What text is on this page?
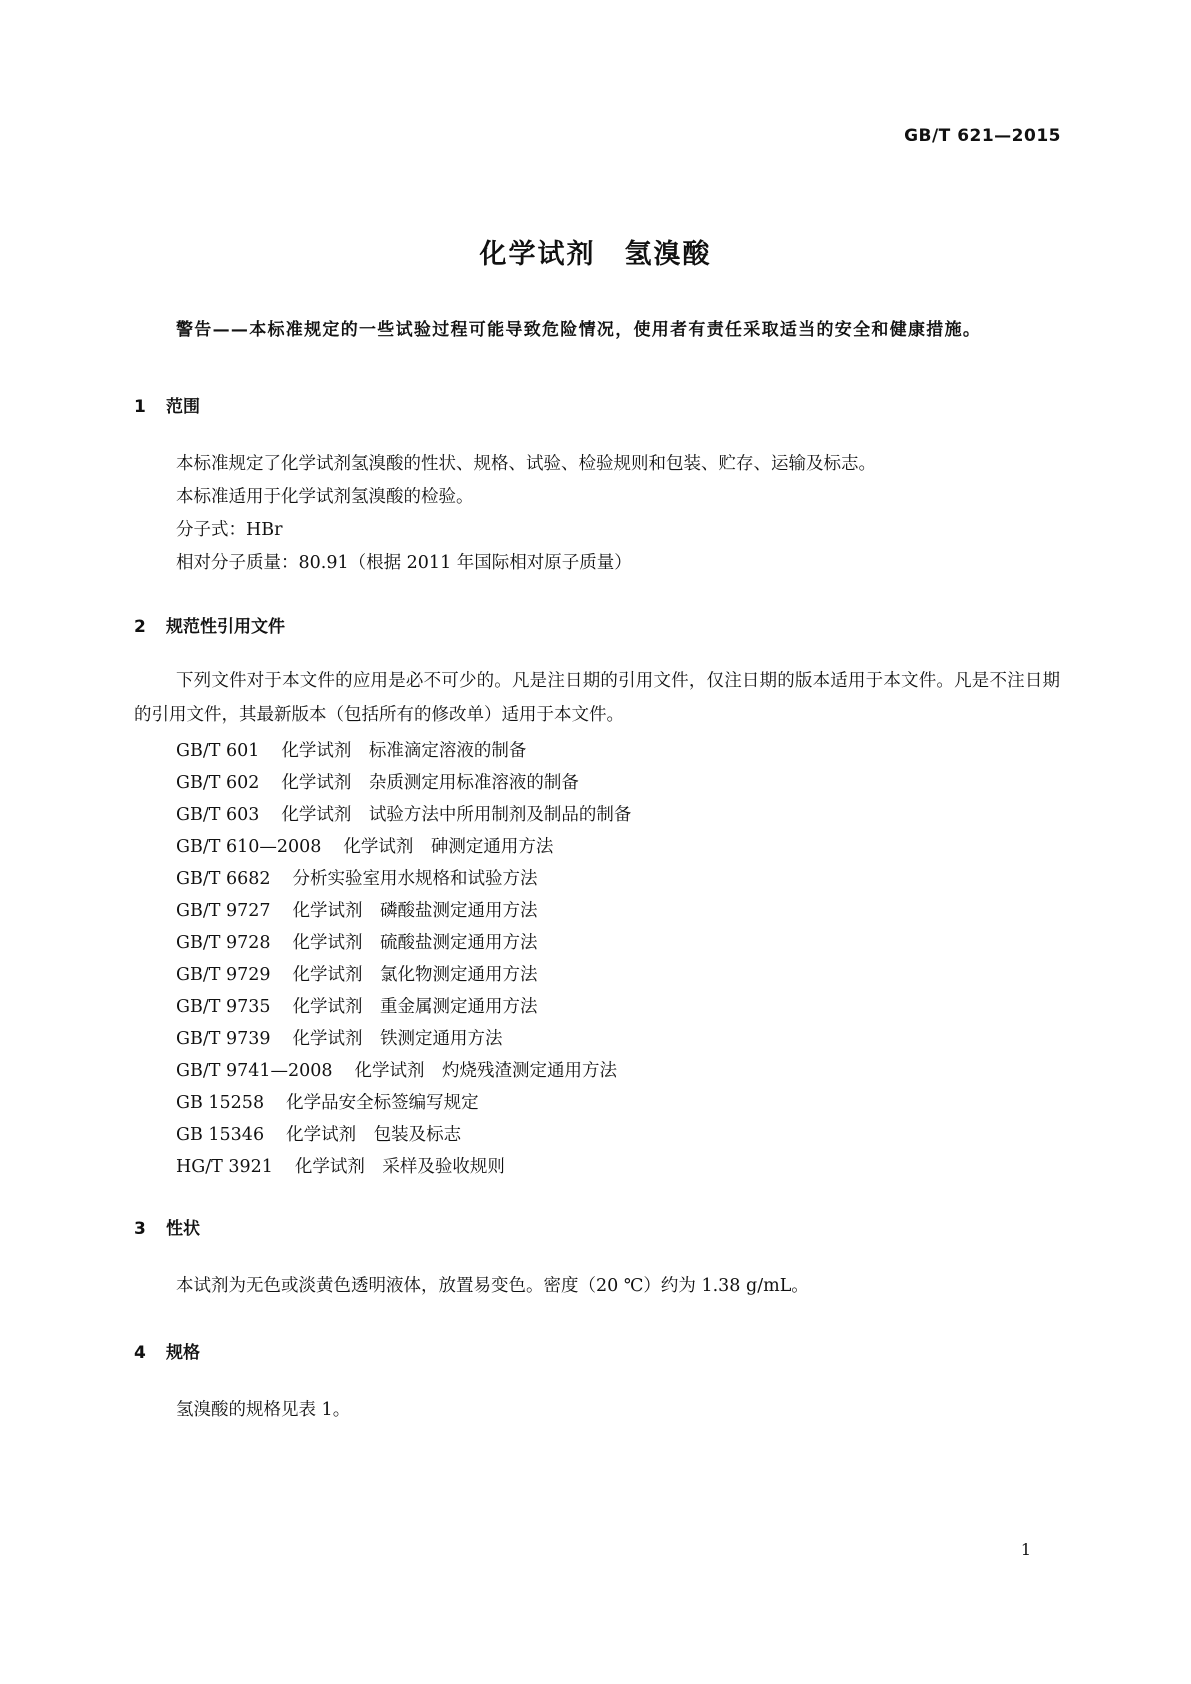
GB/T 621—2015
化学试剂　氢溴酸
警告——本标准规定的一些试验过程可能导致危险情况，使用者有责任采取适当的安全和健康措施。
1 范围
本标准规定了化学试剂氢溴酸的性状、规格、试验、检验规则和包装、贮存、运输及标志。
本标准适用于化学试剂氢溴酸的检验。
分子式：HBr
相对分子质量：80.91（根据 2011 年国际相对原子质量）
2 规范性引用文件
下列文件对于本文件的应用是必不可少的。凡是注日期的引用文件，仅注日期的版本适用于本文件。凡是不注日期的引用文件，其最新版本（包括所有的修改单）适用于本文件。
GB/T 601 化学试剂　标准滴定溶液的制备
GB/T 602 化学试剂　杂质测定用标准溶液的制备
GB/T 603 化学试剂　试验方法中所用制剂及制品的制备
GB/T 610—2008 化学试剂　砷测定通用方法
GB/T 6682 分析实验室用水规格和试验方法
GB/T 9727 化学试剂　磷酸盐测定通用方法
GB/T 9728 化学试剂　硫酸盐测定通用方法
GB/T 9729 化学试剂　氯化物测定通用方法
GB/T 9735 化学试剂　重金属测定通用方法
GB/T 9739 化学试剂　铁测定通用方法
GB/T 9741—2008 化学试剂　灼烧残渣测定通用方法
GB 15258 化学品安全标签编写规定
GB 15346 化学试剂　包装及标志
HG/T 3921 化学试剂　采样及验收规则
3 性状
本试剂为无色或淡黄色透明液体，放置易变色。密度（20 ℃）约为 1.38 g/mL。
4 规格
氢溴酸的规格见表 1。
1
